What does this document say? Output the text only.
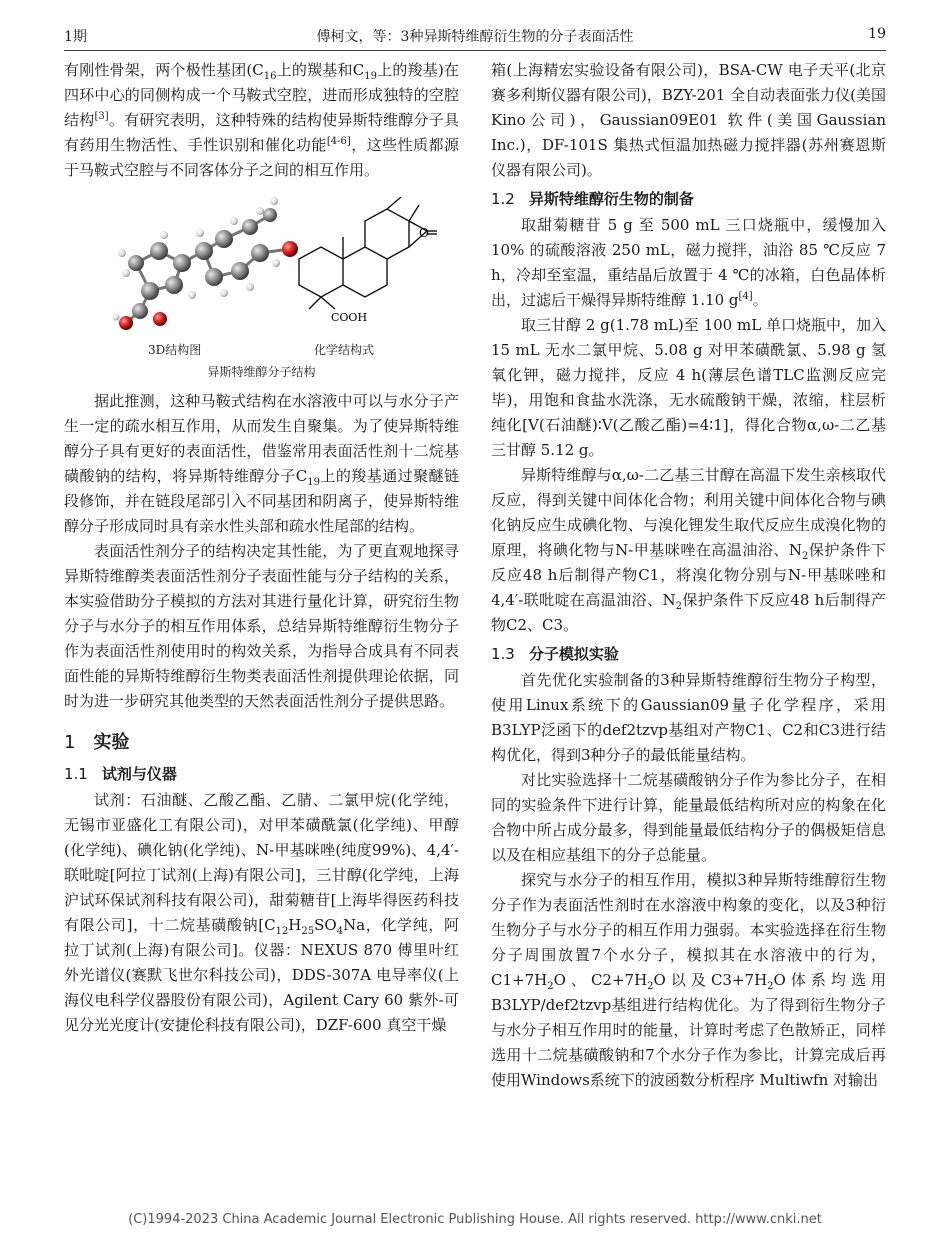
1期	傅柯文，等：3种异斯特维醇衍生物的分子表面活性	19

有刚性骨架，两个极性基团($C_{16}$上的羰基和$C_{19}$上的羧基)在四环中心的同侧构成一个马鞍式空腔，进而形成独特的空腔结构[3]。有研究表明，这种特殊的结构使异斯特维醇分子具有药用生物活性、手性识别和催化功能[4-6]，这些性质都源于马鞍式空腔与不同客体分子之间的相互作用。

O
COOH
3D结构图	化学结构式
异斯特维醇分子结构

据此推测，这种马鞍式结构在水溶液中可以与水分子产生一定的疏水相互作用，从而发生自聚集。为了使异斯特维醇分子具有更好的表面活性，借鉴常用表面活性剂十二烷基磺酸钠的结构，将异斯特维醇分子$C_{19}$上的羧基通过聚醚链段修饰，并在链段尾部引入不同基团和阴离子，使异斯特维醇分子形成同时具有亲水性头部和疏水性尾部的结构。

表面活性剂分子的结构决定其性能，为了更直观地探寻异斯特维醇类表面活性剂分子表面性能与分子结构的关系，本实验借助分子模拟的方法对其进行量化计算，研究衍生物分子与水分子的相互作用体系，总结异斯特维醇衍生物分子作为表面活性剂使用时的构效关系，为指导合成具有不同表面性能的异斯特维醇衍生物类表面活性剂提供理论依据，同时为进一步研究其他类型的天然表面活性剂分子提供思路。

1 实验
1.1 试剂与仪器

试剂：石油醚、乙酸乙酯、乙腈、二氯甲烷(化学纯，无锡市亚盛化工有限公司)，对甲苯磺酰氯(化学纯)、甲醇(化学纯)、碘化钠(化学纯)、N-甲基咪唑(纯度99%)、4,4′-联吡啶[阿拉丁试剂(上海)有限公司]，三甘醇(化学纯，上海沪试环保试剂科技有限公司)，甜菊糖苷[上海毕得医药科技有限公司]，十二烷基磺酸钠[$C_{12}H_{25}SO_4Na$，化学纯，阿拉丁试剂(上海)有限公司]。仪器：NEXUS 870 傅里叶红外光谱仪(赛默飞世尔科技公司)，DDS-307A 电导率仪(上海仪电科学仪器股份有限公司)，Agilent Cary 60 紫外-可见分光光度计(安捷伦科技有限公司)，DZF-600 真空干燥

箱(上海精宏实验设备有限公司)，BSA-CW 电子天平(北京赛多利斯仪器有限公司)，BZY-201 全自动表面张力仪(美国Kino公司)，Gaussian09E01 软件(美国Gaussian Inc.)，DF-101S 集热式恒温加热磁力搅拌器(苏州赛恩斯仪器有限公司)。

1.2 异斯特维醇衍生物的制备

取甜菊糖苷 5 g 至 500 mL 三口烧瓶中，缓慢加入 10% 的硫酸溶液 250 mL，磁力搅拌，油浴 85 ℃反应 7 h，冷却至室温，重结晶后放置于 4 ℃的冰箱，白色晶体析出，过滤后干燥得异斯特维醇 1.10 g[4]。

取三甘醇 2 g(1.78 mL)至 100 mL 单口烧瓶中，加入 15 mL 无水二氯甲烷、5.08 g 对甲苯磺酰氯、5.98 g 氢氧化钾，磁力搅拌，反应 4 h(薄层色谱TLC监测反应完毕)，用饱和食盐水洗涤，无水硫酸钠干燥，浓缩，柱层析纯化[V(石油醚)∶V(乙酸乙酯)=4∶1]，得化合物α,ω-二乙基三甘醇 5.12 g。

异斯特维醇与α,ω-二乙基三甘醇在高温下发生亲核取代反应，得到关键中间体化合物；利用关键中间体化合物与碘化钠反应生成碘化物、与溴化锂发生取代反应生成溴化物的原理，将碘化物与N-甲基咪唑在高温油浴、$N_2$保护条件下反应48 h后制得产物C1，将溴化物分别与N-甲基咪唑和4,4′-联吡啶在高温油浴、$N_2$保护条件下反应48 h后制得产物C2、C3。

1.3 分子模拟实验

首先优化实验制备的3种异斯特维醇衍生物分子构型，使用Linux系统下的Gaussian09量子化学程序，采用B3LYP泛函下的def2tzvp基组对产物C1、C2和C3进行结构优化，得到3种分子的最低能量结构。

对比实验选择十二烷基磺酸钠分子作为参比分子，在相同的实验条件下进行计算，能量最低结构所对应的构象在化合物中所占成分最多，得到能量最低结构分子的偶极矩信息以及在相应基组下的分子总能量。

探究与水分子的相互作用，模拟3种异斯特维醇衍生物分子作为表面活性剂时在水溶液中构象的变化，以及3种衍生物分子与水分子的相互作用力强弱。本实验选择在衍生物分子周围放置7个水分子，模拟其在水溶液中的行为，$C1+7H_2O$、$C2+7H_2O$以及$C3+7H_2O$体系均选用B3LYP/def2tzvp基组进行结构优化。为了得到衍生物分子与水分子相互作用时的能量，计算时考虑了色散矫正，同样选用十二烷基磺酸钠和7个水分子作为参比，计算完成后再使用Windows系统下的波函数分析程序 Multiwfn 对输出

(C)1994-2023 China Academic Journal Electronic Publishing House. All rights reserved. http://www.cnki.net
